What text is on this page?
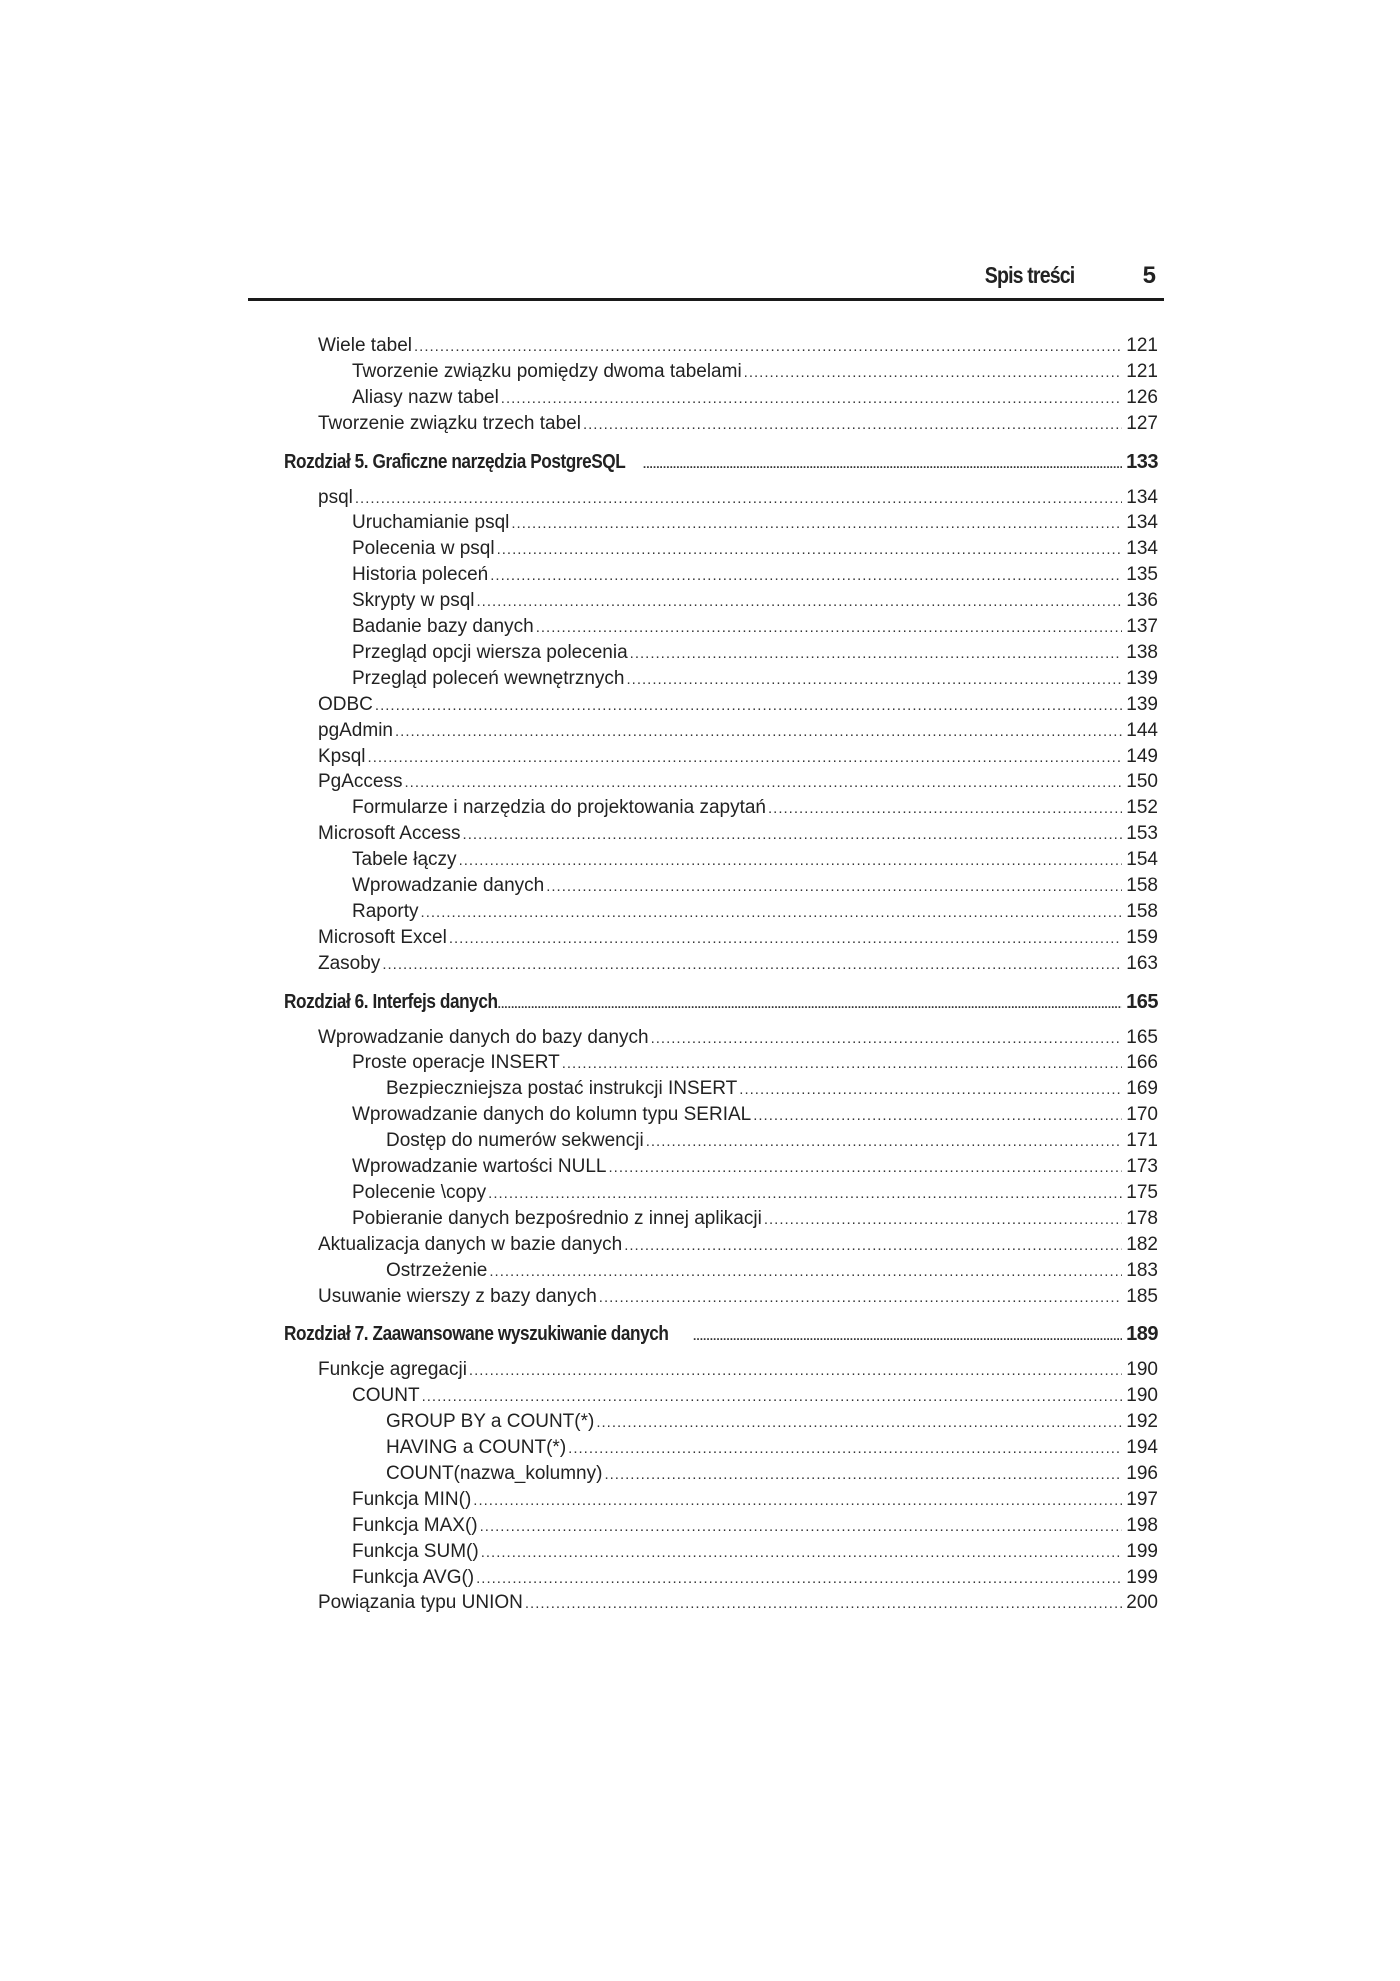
Spis treści	5
Wiele tabel .....	121
Tworzenie związku pomiędzy dwoma tabelami .....	121
Aliasy nazw tabel .....	126
Tworzenie związku trzech tabel .....	127
Rozdział 5. Graficzne narzędzia PostgreSQL .....	133
psql .....	134
Uruchamianie psql .....	134
Polecenia w psql .....	134
Historia poleceń .....	135
Skrypty w psql .....	136
Badanie bazy danych .....	137
Przegląd opcji wiersza polecenia .....	138
Przegląd poleceń wewnętrznych .....	139
ODBC .....	139
pgAdmin .....	144
Kpsql .....	149
PgAccess .....	150
Formularze i narzędzia do projektowania zapytań .....	152
Microsoft Access .....	153
Tabele łączy .....	154
Wprowadzanie danych .....	158
Raporty .....	158
Microsoft Excel .....	159
Zasoby .....	163
Rozdział 6. Interfejs danych .....	165
Wprowadzanie danych do bazy danych .....	165
Proste operacje INSERT .....	166
Bezpieczniejsza postać instrukcji INSERT .....	169
Wprowadzanie danych do kolumn typu SERIAL .....	170
Dostęp do numerów sekwencji .....	171
Wprowadzanie wartości NULL .....	173
Polecenie \copy .....	175
Pobieranie danych bezpośrednio z innej aplikacji .....	178
Aktualizacja danych w bazie danych .....	182
Ostrzeżenie .....	183
Usuwanie wierszy z bazy danych .....	185
Rozdział 7. Zaawansowane wyszukiwanie danych .....	189
Funkcje agregacji .....	190
COUNT .....	190
GROUP BY a COUNT(*) .....	192
HAVING a COUNT(*) .....	194
COUNT(nazwa_kolumny) .....	196
Funkcja MIN() .....	197
Funkcja MAX() .....	198
Funkcja SUM() .....	199
Funkcja AVG() .....	199
Powiązania typu UNION .....	200
